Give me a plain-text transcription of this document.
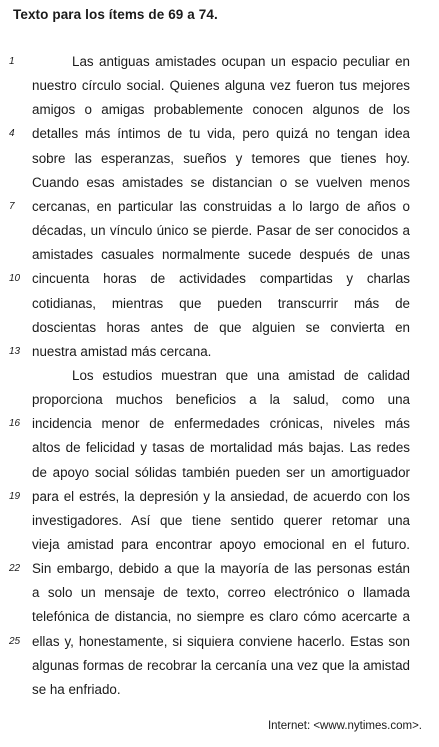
Texto para los ítems de 69 a 74.
1	Las antiguas amistades ocupan un espacio peculiar en
nuestro círculo social. Quienes alguna vez fueron tus mejores
amigos o amigas probablemente conocen algunos de los
4	detalles más íntimos de tu vida, pero quizá no tengan idea
sobre las esperanzas, sueños y temores que tienes hoy.
Cuando esas amistades se distancian o se vuelven menos
7	cercanas, en particular las construidas a lo largo de años o
décadas, un vínculo único se pierde. Pasar de ser conocidos a
amistades casuales normalmente sucede después de unas
10 cincuenta horas de actividades compartidas y charlas
cotidianas, mientras que pueden transcurrir más de
doscientas horas antes de que alguien se convierta en
13 nuestra amistad más cercana.
Los estudios muestran que una amistad de calidad
proporciona muchos beneficios a la salud, como una
16 incidencia menor de enfermedades crónicas, niveles más
altos de felicidad y tasas de mortalidad más bajas. Las redes
de apoyo social sólidas también pueden ser un amortiguador
19 para el estrés, la depresión y la ansiedad, de acuerdo con los
investigadores. Así que tiene sentido querer retomar una
vieja amistad para encontrar apoyo emocional en el futuro.
22 Sin embargo, debido a que la mayoría de las personas están
a solo un mensaje de texto, correo electrónico o llamada
telefónica de distancia, no siempre es claro cómo acercarte a
25 ellas y, honestamente, si siquiera conviene hacerlo. Estas son
algunas formas de recobrar la cercanía una vez que la amistad
se ha enfriado.
Internet: <www.nytimes.com>.
